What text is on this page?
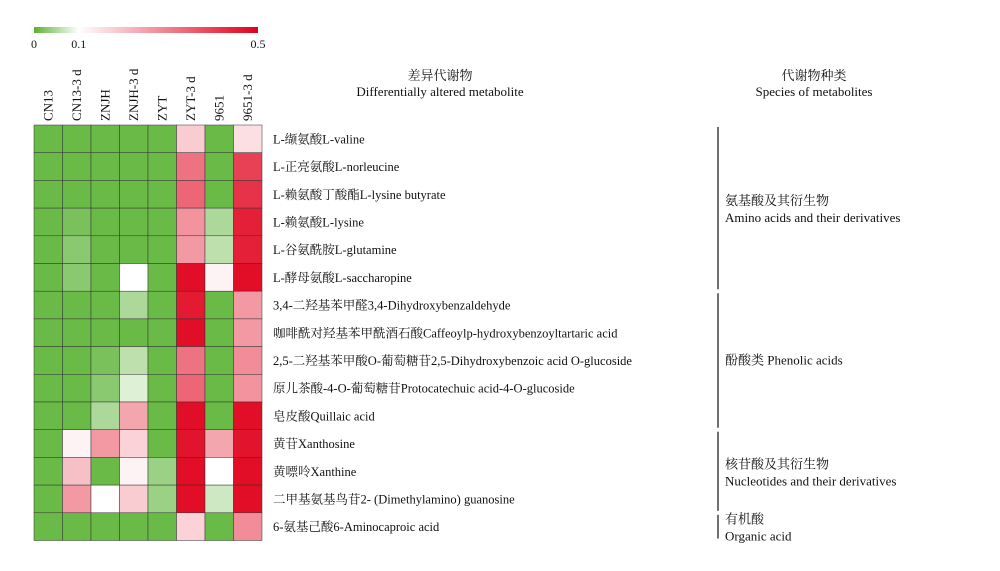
0	0.1	0.5
CN13 CN13-3 d ZNJH ZNJH-3 d ZYT ZYT-3 d 9651 9651-3 d	差异代谢物
Differentially altered metabolite
代谢物种类
Species of metabolites
L-缬氨酸L-valine
L-正亮氨酸L-norleucine
L-赖氨酸丁酸酯L-lysine butyrate
L-赖氨酸L-lysine
L-谷氨酰胺L-glutamine
L-酵母氨酸L-saccharopine
3,4-二羟基苯甲醛3,4-Dihydroxybenzaldehyde
咖啡酰对羟基苯甲酰酒石酸Caffeoylp-hydroxybenzoyltartaric acid
2,5-二羟基苯甲酸O-葡萄糖苷2,5-Dihydroxybenzoic acid O-glucoside
原儿茶酸-4-O-葡萄糖苷Protocatechuic acid-4-O-glucoside
皂皮酸Quillaic acid
黄苷Xanthosine
黄嘌呤Xanthine
二甲基氨基鸟苷2- (Dimethylamino) guanosine
6-氨基己酸6-Aminocaproic acid
氨基酸及其衍生物
Amino acids and their derivatives
酚酸类 Phenolic acids
核苷酸及其衍生物
Nucleotides and their derivatives
有机酸
Organic acid
